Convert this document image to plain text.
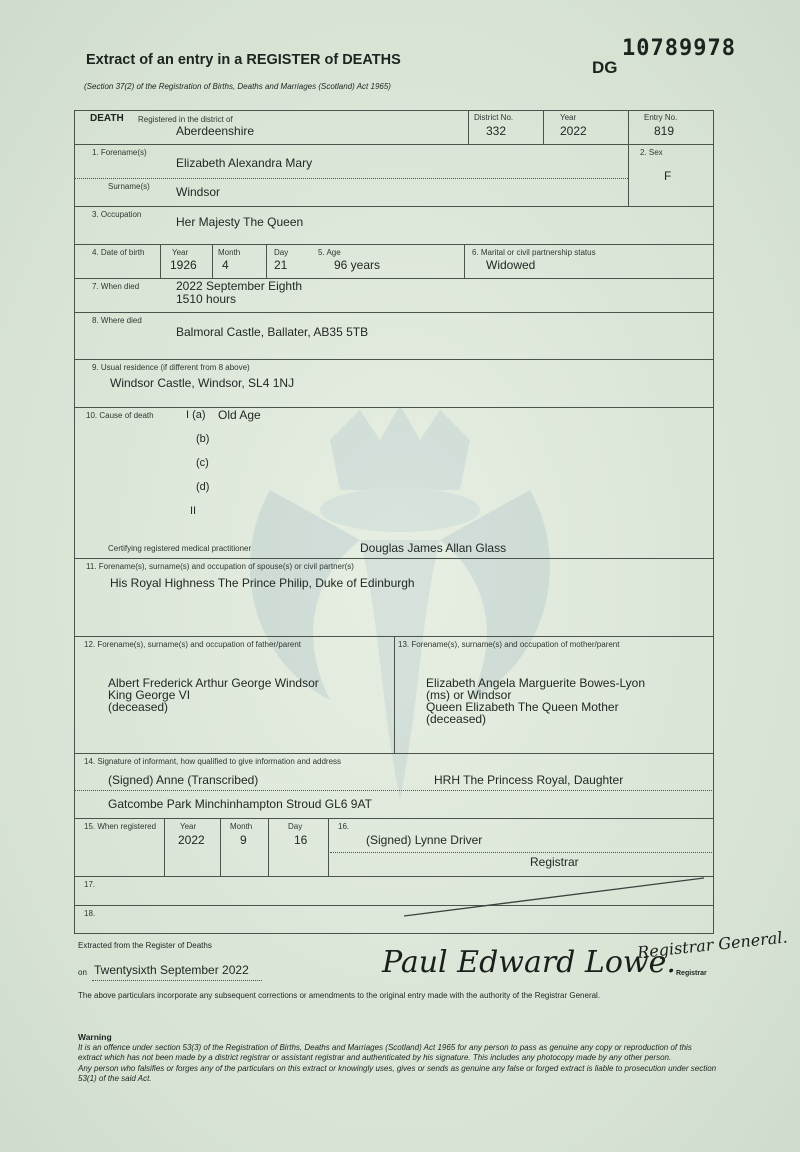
Extract of an entry in a REGISTER of DEATHS
(Section 37(2) of the Registration of Births, Deaths and Marriages (Scotland) Act 1965)
DG
10789978
DEATH Registered in the district of
Aberdeenshire
District No.
332
Year
2022
Entry No.
819
1. Forename(s)
Elizabeth Alexandra Mary
Surname(s) Windsor
2. Sex
F
3. Occupation
Her Majesty The Queen
4. Date of birth	Year
1926
Month
4
Day
21
5. Age
96 years
6. Marital or civil partnership status
Widowed
7. When died	2022 September Eighth
1510 hours
8. Where died
Balmoral Castle, Ballater, AB35 5TB
9. Usual residence (if different from 8 above)
Windsor Castle, Windsor, SL4 1NJ
10. Cause of death	I (a) Old Age
(b)
(c)
(d)
II
Certifying registered medical practitioner	Douglas James Allan Glass
11. Forename(s), surname(s) and occupation of spouse(s) or civil partner(s)
His Royal Highness The Prince Philip, Duke of Edinburgh
12. Forename(s), surname(s) and occupation of father/parent
Albert Frederick Arthur George Windsor
King George VI
(deceased)
13. Forename(s), surname(s) and occupation of mother/parent
Elizabeth Angela Marguerite Bowes-Lyon
(ms) or Windsor
Queen Elizabeth The Queen Mother
(deceased)
14. Signature of informant, how qualified to give information and address
(Signed) Anne (Transcribed)	HRH The Princess Royal, Daughter
Gatcombe Park Minchinhampton Stroud GL6 9AT
15. When registered	Year
2022
Month
9
Day
16
16.
(Signed) Lynne Driver
Registrar
17.
18.
Extracted from the Register of Deaths
on Twentysixth September 2022	Paul Edward Lowe.
Registrar General.
Registrar
The above particulars incorporate any subsequent corrections or amendments to the original entry made with the authority of the Registrar General.
Warning
It is an offence under section 53(3) of the Registration of Births, Deaths and Marriages (Scotland) Act 1965 for any person to pass as genuine any copy or reproduction of this extract which has not been made by a district registrar or assistant registrar and authenticated by his signature. This includes any photocopy made by any other person.
Any person who falsifies or forges any of the particulars on this extract or knowingly uses, gives or sends as genuine any false or forged extract is liable to prosecution under section 53(1) of the said Act.
